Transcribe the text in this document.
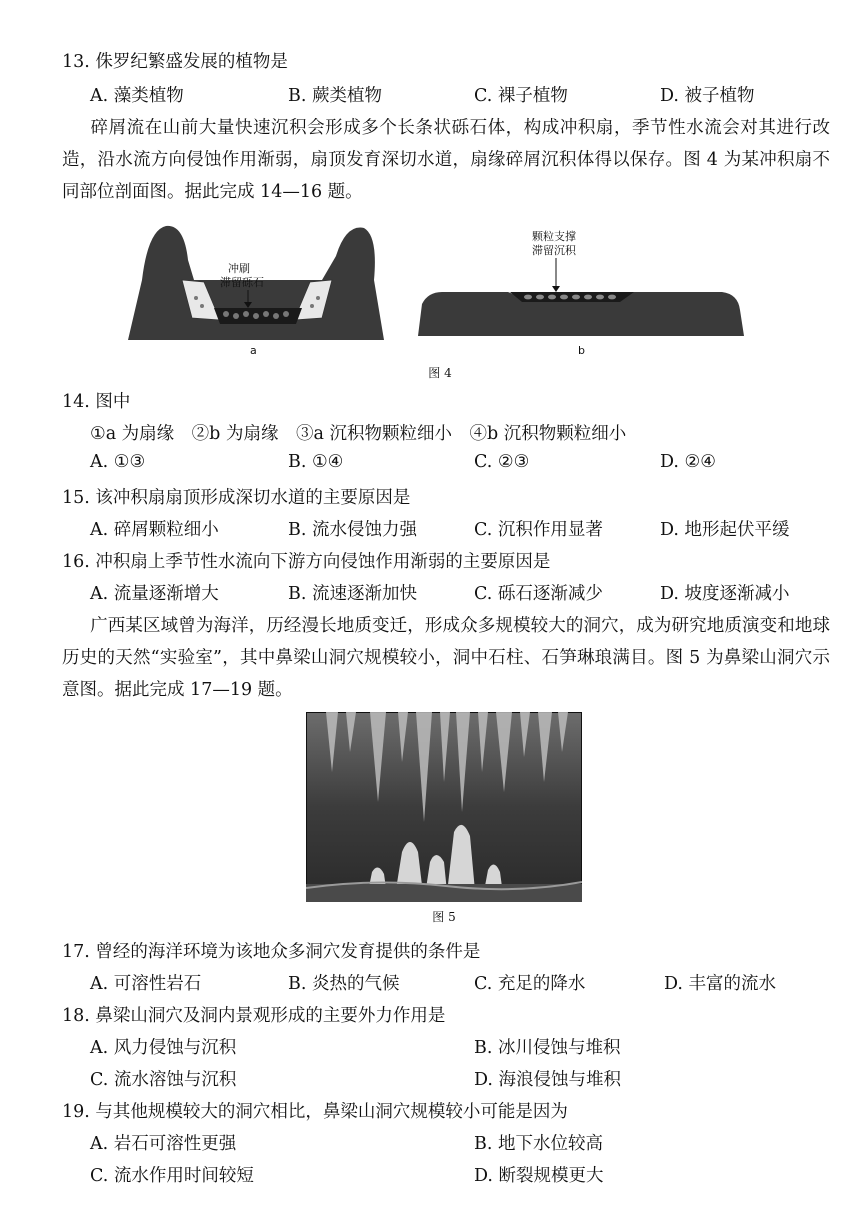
13. 侏罗纪繁盛发展的植物是
A. 藻类植物	B. 蕨类植物	C. 裸子植物	D. 被子植物
碎屑流在山前大量快速沉积会形成多个长条状砾石体，构成冲积扇，季节性水流会对其进行改造，沿水流方向侵蚀作用渐弱，扇顶发育深切水道，扇缘碎屑沉积体得以保存。图 4 为某冲积扇不同部位剖面图。据此完成 14—16 题。
冲刷
滞留砾石
a
颗粒支撑
滞留沉积
b
图 4
14. 图中
①a 为扇缘　②b 为扇缘　③a 沉积物颗粒细小　④b 沉积物颗粒细小
A. ①③	B. ①④	C. ②③	D. ②④
15. 该冲积扇扇顶形成深切水道的主要原因是
A. 碎屑颗粒细小	B. 流水侵蚀力强	C. 沉积作用显著	D. 地形起伏平缓
16. 冲积扇上季节性水流向下游方向侵蚀作用渐弱的主要原因是
A. 流量逐渐增大	B. 流速逐渐加快	C. 砾石逐渐减少	D. 坡度逐渐减小
广西某区域曾为海洋，历经漫长地质变迁，形成众多规模较大的洞穴，成为研究地质演变和地球历史的天然“实验室”，其中鼻梁山洞穴规模较小，洞中石柱、石笋琳琅满目。图 5 为鼻梁山洞穴示意图。据此完成 17—19 题。
图 5
17. 曾经的海洋环境为该地众多洞穴发育提供的条件是
A. 可溶性岩石	B. 炎热的气候	C. 充足的降水	D. 丰富的流水
18. 鼻梁山洞穴及洞内景观形成的主要外力作用是
A. 风力侵蚀与沉积	B. 冰川侵蚀与堆积
C. 流水溶蚀与沉积	D. 海浪侵蚀与堆积
19. 与其他规模较大的洞穴相比，鼻梁山洞穴规模较小可能是因为
A. 岩石可溶性更强	B. 地下水位较高
C. 流水作用时间较短	D. 断裂规模更大
